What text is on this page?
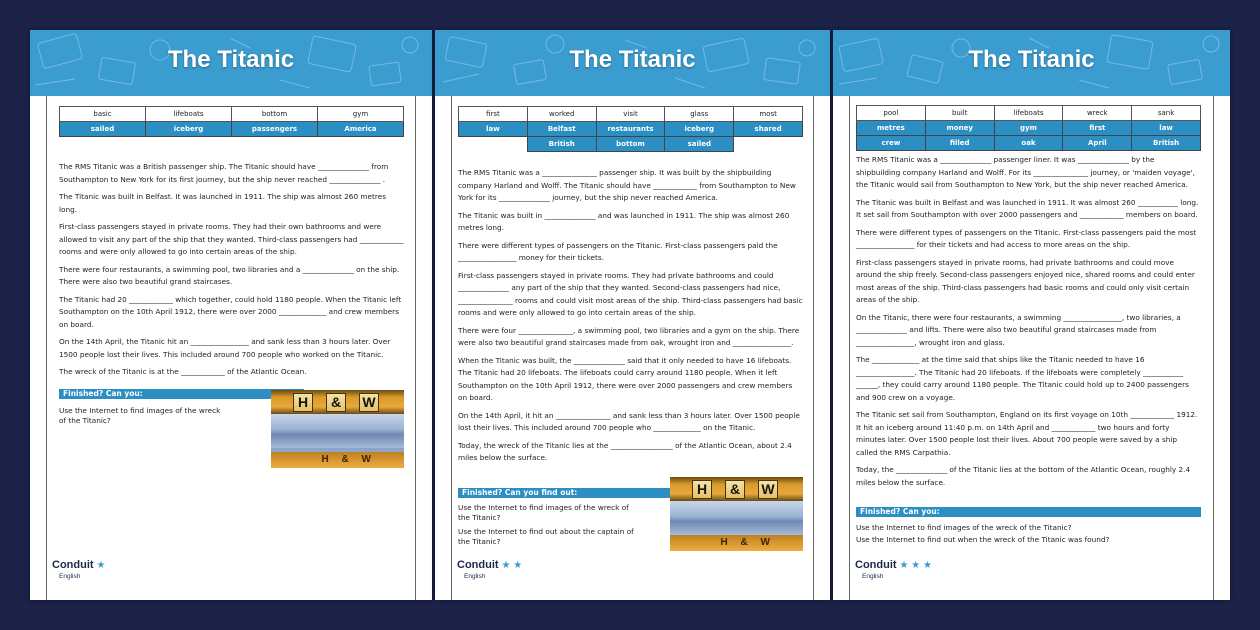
The Titanic
basic	lifeboats	bottom	gym
sailed	iceberg	passengers	America

The RMS Titanic was a British passenger ship. The Titanic should have ______________ from Southampton to New York for its first journey, but the ship never reached ______________ .

The Titanic was built in Belfast. It was launched in 1911. The ship was almost 260 metres long.

First-class passengers stayed in private rooms. They had their own bathrooms and were allowed to visit any part of the ship that they wanted. Third-class passengers had ____________ rooms and were only allowed to go into certain areas of the ship.

There were four restaurants, a swimming pool, two libraries and a ______________ on the ship. There were also two beautiful grand staircases.

The Titanic had 20 ____________ which together, could hold 1180 people. When the Titanic left Southampton on the 10th April 1912, there were over 2000 _____________ and crew members on board.

On the 14th April, the Titanic hit an ________________ and sank less than 3 hours later. Over 1500 people lost their lives. This included around 700 people who worked on the Titanic.

The wreck of the Titanic is at the ____________ of the Atlantic Ocean.

Finished? Can you:

Use the Internet to find images of the wreck of the Titanic?

H	&	W
H & W
Conduit ★
English
The Titanic
first	worked	visit	glass	most
law	Belfast	restaurants	iceberg	shared
	British	bottom	sailed	

The RMS Titanic was a _______________ passenger ship. It was built by the shipbuilding company Harland and Wolff. The Titanic should have ____________ from Southampton to New York for its ______________ journey, but the ship never reached America.

The Titanic was built in ______________ and was launched in 1911. The ship was almost 260 metres long.

There were different types of passengers on the Titanic. First-class passengers paid the ________________ money for their tickets.

First-class passengers stayed in private rooms. They had private bathrooms and could ______________ any part of the ship that they wanted. Second-class passengers had nice, _______________ rooms and could visit most areas of the ship. Third-class passengers had basic rooms and were only allowed to go into certain areas of the ship.

There were four _______________, a swimming pool, two libraries and a gym on the ship. There were also two beautiful grand staircases made from oak, wrought iron and ________________.

When the Titanic was built, the ______________ said that it only needed to have 16 lifeboats. The Titanic had 20 lifeboats. The lifeboats could carry around 1180 people. When it left Southampton on the 10th April 1912, there were over 2000 passengers and crew members on board.

On the 14th April, it hit an _______________ and sank less than 3 hours later. Over 1500 people lost their lives. This included around 700 people who _____________ on the Titanic.

Today, the wreck of the Titanic lies at the _________________ of the Atlantic Ocean, about 2.4 miles below the surface.

Finished? Can you find out:

Use the Internet to find images of the wreck of the Titanic?

Use the Internet to find out about the captain of the Titanic?

H	&	W
H & W
Conduit ★ ★
English
The Titanic
pool	built	lifeboats	wreck	sank
metres	money	gym	first	law
crew	filled	oak	April	British

The RMS Titanic was a ______________ passenger liner. It was ______________ by the shipbuilding company Harland and Wolff. For its _______________ journey, or 'maiden voyage', the Titanic would sail from Southampton to New York, but the ship never reached America.

The Titanic was built in Belfast and was launched in 1911. It was almost 260 ___________ long. It set sail from Southampton with over 2000 passengers and ____________ members on board.

There were different types of passengers on the Titanic. First-class passengers paid the most ________________ for their tickets and had access to more areas on the ship.

First-class passengers stayed in private rooms, had private bathrooms and could move around the ship freely. Second-class passengers enjoyed nice, shared rooms and could enter most areas of the ship. Third-class passengers had basic rooms and could only visit certain areas of the ship.

On the Titanic, there were four restaurants, a swimming ________________, two libraries, a ______________ and lifts. There were also two beautiful grand staircases made from ________________, wrought iron and glass.

The _____________ at the time said that ships like the Titanic needed to have 16 ________________. The Titanic had 20 lifeboats. If the lifeboats were completely ___________ ______, they could carry around 1180 people. The Titanic could hold up to 2400 passengers and 900 crew on a voyage.

The Titanic set sail from Southampton, England on its first voyage on 10th ____________ 1912. It hit an iceberg around 11:40 p.m. on 14th April and ____________ two hours and forty minutes later. Over 1500 people lost their lives. About 700 people were saved by a ship called the RMS Carpathia.

Today, the ______________ of the Titanic lies at the bottom of the Atlantic Ocean, roughly 2.4 miles below the surface.

Finished? Can you:

Use the Internet to find images of the wreck of the Titanic?

Use the Internet to find out when the wreck of the Titanic was found?

Conduit ★ ★ ★
English
